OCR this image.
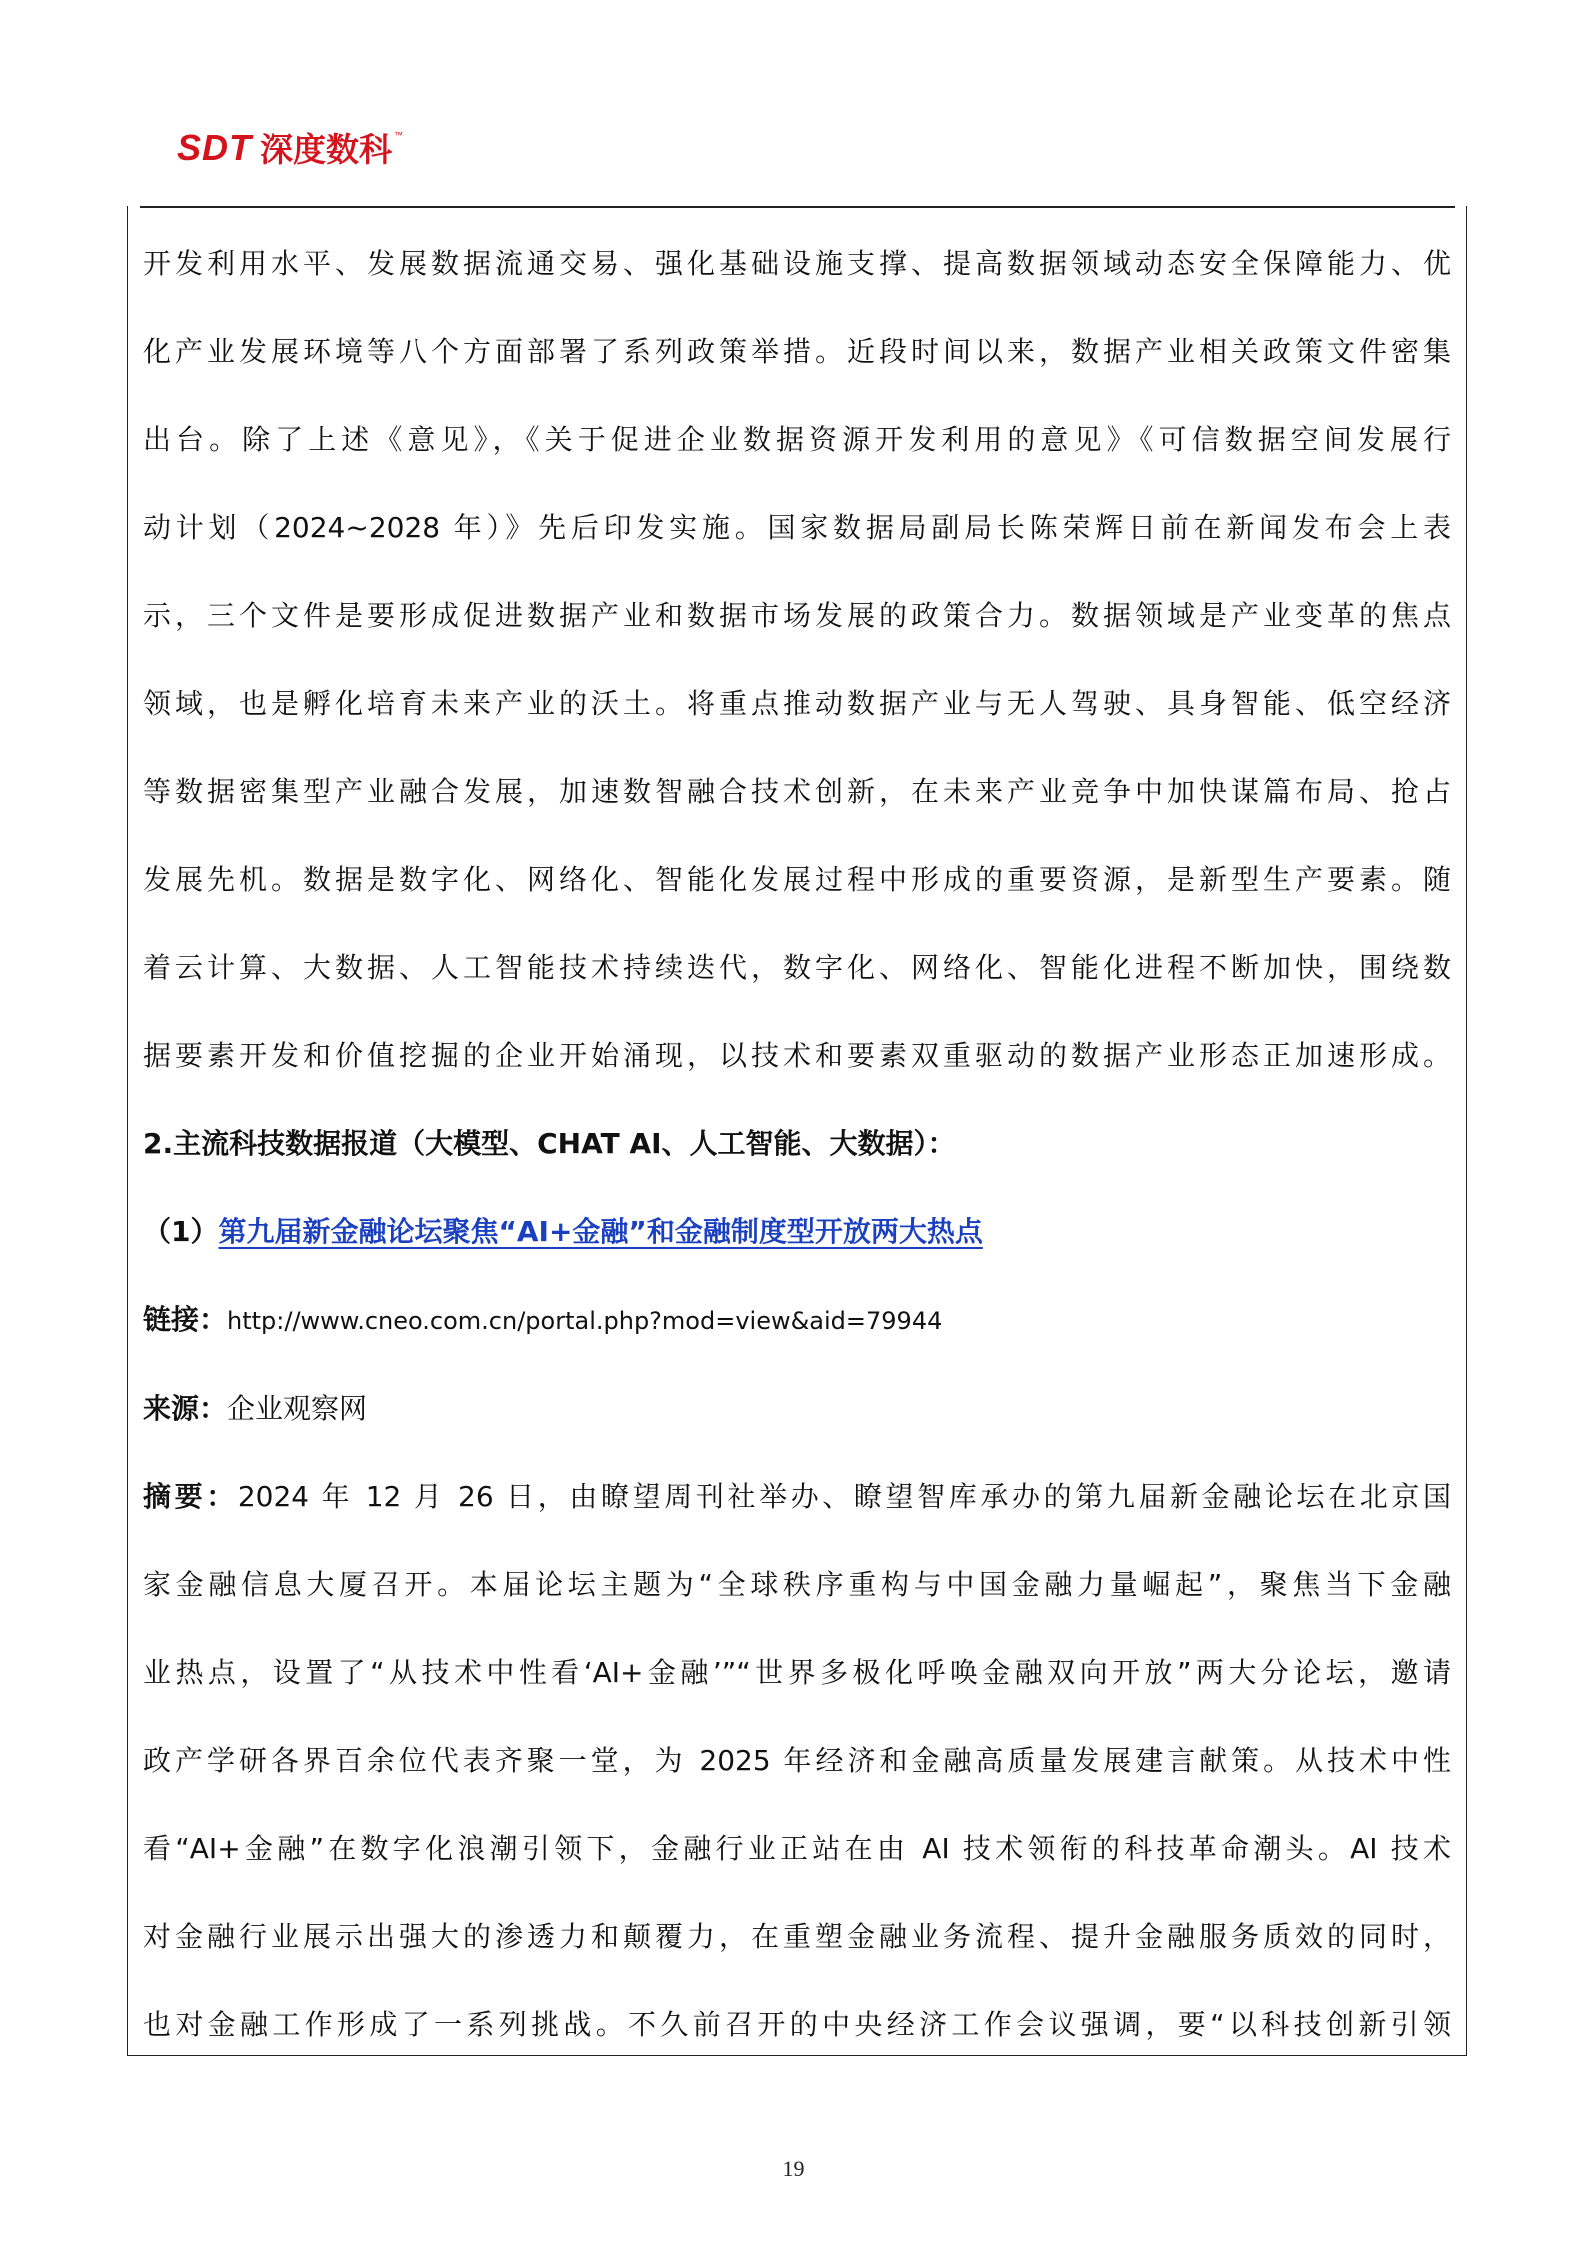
SDT 深度数科 ™
开发利用水平、发展数据流通交易、强化基础设施支撑、提高数据领域动态安全保障能力、优
化产业发展环境等八个方面部署了系列政策举措。近段时间以来，数据产业相关政策文件密集
出台。除了上述《意见》，《关于促进企业数据资源开发利用的意见》《可信数据空间发展行
动计划（2024~2028 年）》先后印发实施。国家数据局副局长陈荣辉日前在新闻发布会上表
示，三个文件是要形成促进数据产业和数据市场发展的政策合力。数据领域是产业变革的焦点
领域，也是孵化培育未来产业的沃土。将重点推动数据产业与无人驾驶、具身智能、低空经济
等数据密集型产业融合发展，加速数智融合技术创新，在未来产业竞争中加快谋篇布局、抢占
发展先机。数据是数字化、网络化、智能化发展过程中形成的重要资源，是新型生产要素。随
着云计算、大数据、人工智能技术持续迭代，数字化、网络化、智能化进程不断加快，围绕数
据要素开发和价值挖掘的企业开始涌现，以技术和要素双重驱动的数据产业形态正加速形成。
2.主流科技数据报道（大模型、CHAT AI、人工智能、大数据）：
（1）第九届新金融论坛聚焦“AI+金融”和金融制度型开放两大热点
链接：http://www.cneo.com.cn/portal.php?mod=view&aid=79944
来源：企业观察网
摘要：2024 年 12 月 26 日，由瞭望周刊社举办、瞭望智库承办的第九届新金融论坛在北京国
家金融信息大厦召开。本届论坛主题为“全球秩序重构与中国金融力量崛起”，聚焦当下金融
业热点，设置了“从技术中性看‘AI+金融’”“世界多极化呼唤金融双向开放”两大分论坛，邀请
政产学研各界百余位代表齐聚一堂，为 2025 年经济和金融高质量发展建言献策。从技术中性
看“AI+金融”在数字化浪潮引领下，金融行业正站在由 AI 技术领衔的科技革命潮头。AI 技术
对金融行业展示出强大的渗透力和颠覆力，在重塑金融业务流程、提升金融服务质效的同时，
也对金融工作形成了一系列挑战。不久前召开的中央经济工作会议强调，要“以科技创新引领
19
